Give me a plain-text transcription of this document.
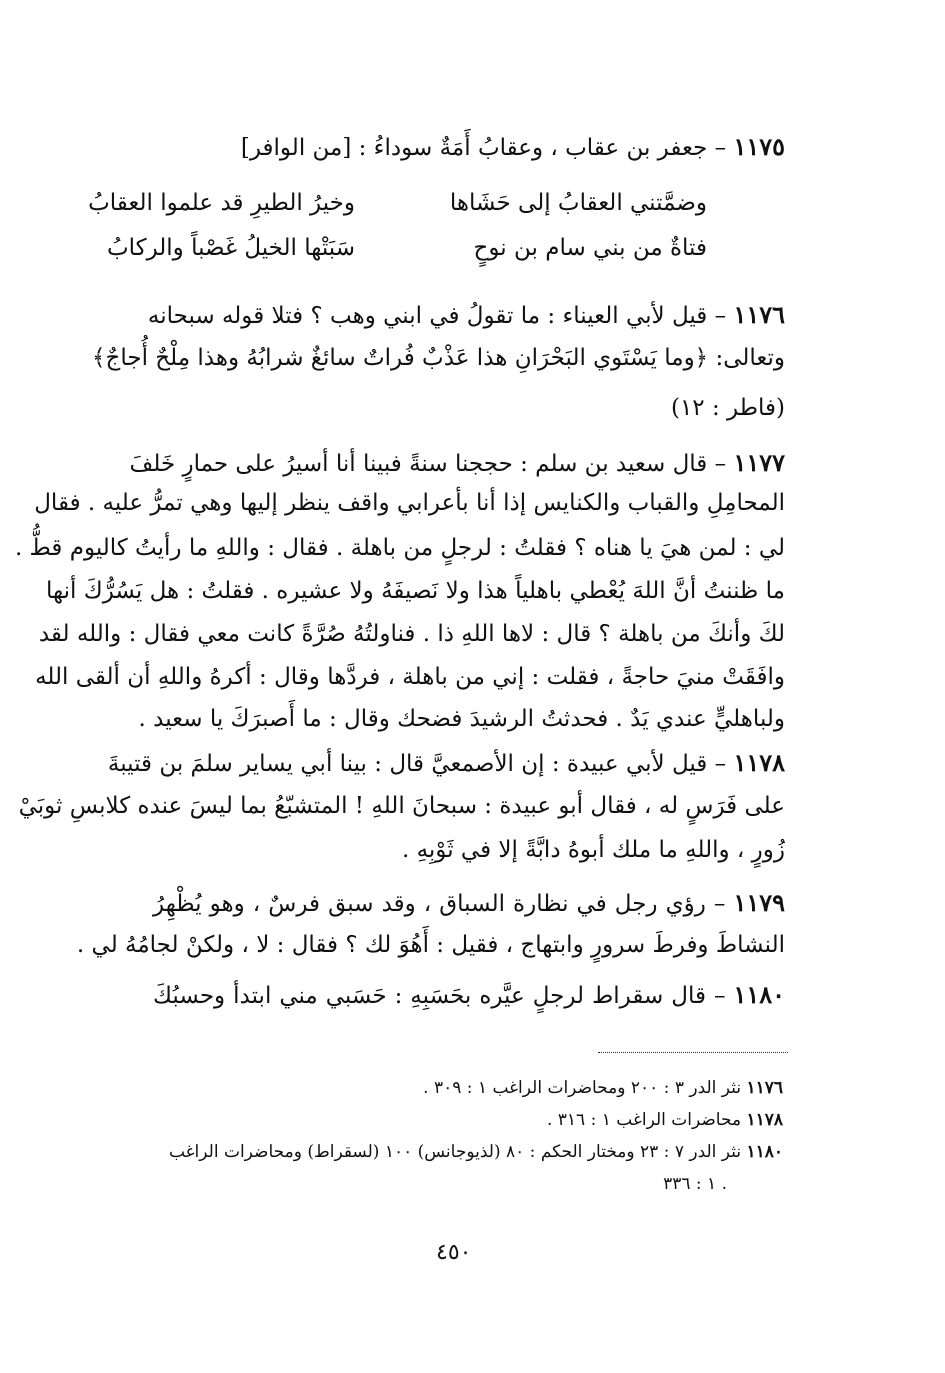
١١٧٥ – جعفر بن عقاب ، وعقابُ أَمَةٌ سوداءُ : [من الوافر]
وضمَّتني العقابُ إلى حَشَاها
وخيرُ الطيرِ قد علموا العقابُ
فتاةٌ من بني سام بن نوحٍ
سَبَتْها الخيلُ غَصْباً والركابُ
١١٧٦ – قيل لأبي العيناء : ما تقولُ في ابني وهب ؟ فتلا قوله سبحانه
وتعالى: ﴿وما يَسْتَوي البَحْرَانِ هذا عَذْبٌ فُراتٌ سائغٌ شرابُهُ وهذا مِلْحٌ أُجاجٌ﴾
(فاطر : ١٢)
١١٧٧ – قال سعيد بن سلم : حججنا سنةً فبينا أنا أسيرُ على حمارٍ خَلفَ
المحامِلِ والقباب والكنايس إذا أنا بأعرابي واقف ينظر إليها وهي تمرُّ عليه . فقال
لي : لمن هيَ يا هناه ؟ فقلتُ : لرجلٍ من باهلة . فقال : واللهِ ما رأيتُ كاليوم قطُّ .
ما ظننتُ أنَّ اللهَ يُعْطي باهلياً هذا ولا نَصيفَهُ ولا عشيره . فقلتُ : هل يَسُرُّكَ أنها
لكَ وأنكَ من باهلة ؟ قال : لاها اللهِ ذا . فناولتُهُ صُرَّةً كانت معي فقال : والله لقد
وافَقَتْ منيَ حاجةً ، فقلت : إني من باهلة ، فردَّها وقال : أكرهُ واللهِ أن ألقى الله
ولباهليٍّ عندي يَدٌ . فحدثتُ الرشيدَ فضحك وقال : ما أَصبرَكَ يا سعيد .
١١٧٨ – قيل لأبي عبيدة : إن الأصمعيَّ قال : بينا أبي يساير سلمَ بن قتيبةَ
على فَرَسٍ له ، فقال أبو عبيدة : سبحانَ اللهِ ! المتشبّعُ بما ليسَ عنده كلابسِ ثوبَيْ
زُورٍ ، واللهِ ما ملك أبوهُ دابَّةً إلا في ثَوْبِهِ .
١١٧٩ – رؤي رجل في نظارة السباق ، وقد سبق فرسٌ ، وهو يُظْهِرُ
النشاطَ وفرطَ سرورٍ وابتهاج ، فقيل : أَهُوَ لك ؟ فقال : لا ، ولكنْ لجامُهُ لي .
١١٨٠ – قال سقراط لرجلٍ عيَّره بحَسَبِهِ : حَسَبي مني ابتدأ وحسبُكَ
١١٧٦ نثر الدر ٣ : ٢٠٠ ومحاضرات الراغب ١ : ٣٠٩ .
١١٧٨ محاضرات الراغب ١ : ٣١٦ .
١١٨٠ نثر الدر ٧ : ٢٣ ومختار الحكم : ٨٠ (لذيوجانس) ١٠٠ (لسقراط) ومحاضرات الراغب
١ : ٣٣٦ .
٤٥٠
